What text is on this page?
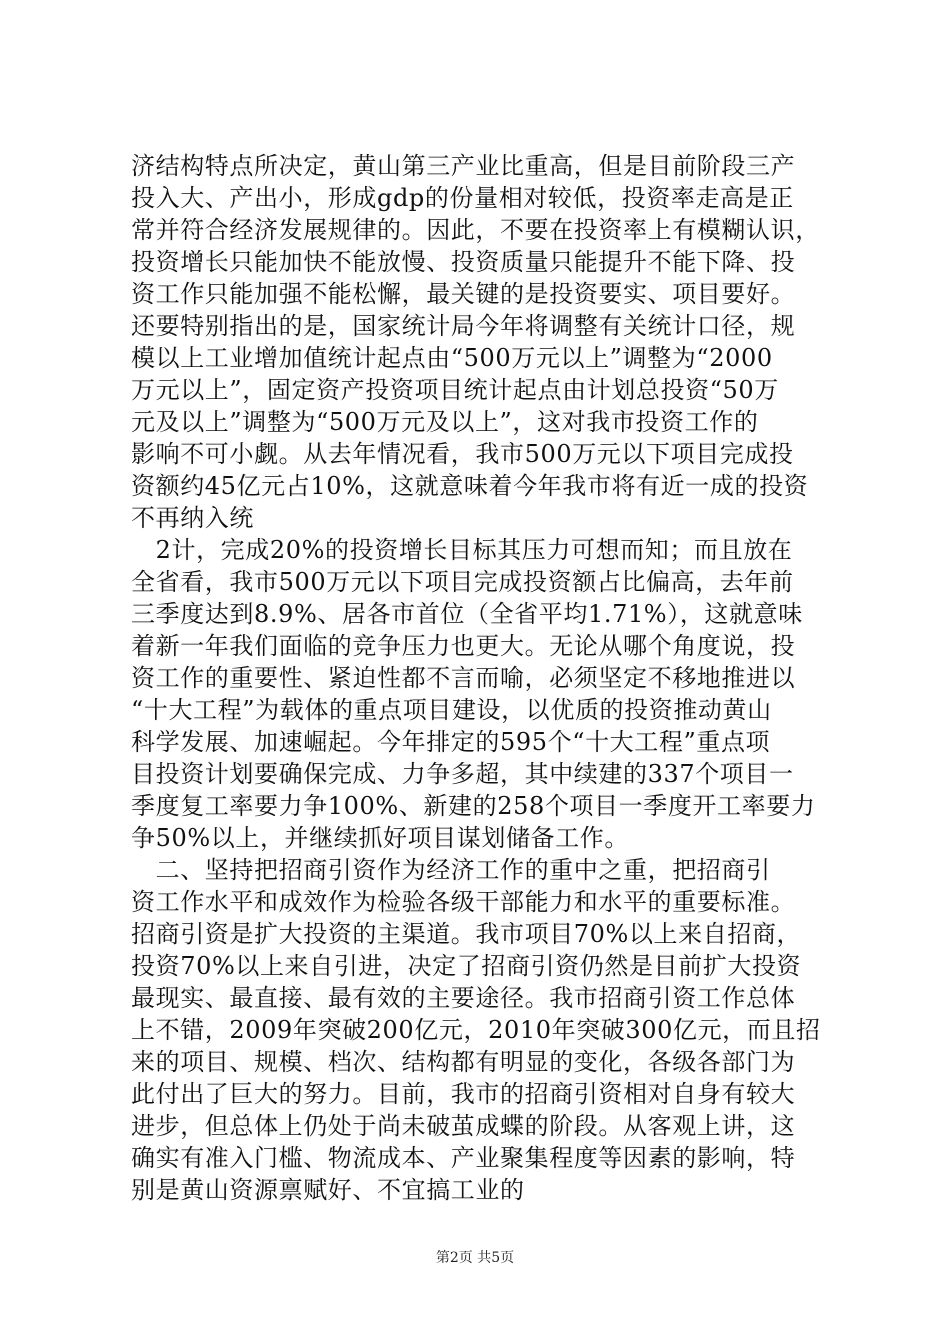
济结构特点所决定，黄山第三产业比重高，但是目前阶段三产
投入大、产出小，形成gdp的份量相对较低，投资率走高是正
常并符合经济发展规律的。因此，不要在投资率上有模糊认识，
投资增长只能加快不能放慢、投资质量只能提升不能下降、投
资工作只能加强不能松懈，最关键的是投资要实、项目要好。
还要特别指出的是，国家统计局今年将调整有关统计口径，规
模以上工业增加值统计起点由“500万元以上”调整为“2000
万元以上”，固定资产投资项目统计起点由计划总投资“50万
元及以上”调整为“500万元及以上”，这对我市投资工作的
影响不可小觑。从去年情况看，我市500万元以下项目完成投
资额约45亿元占10%，这就意味着今年我市将有近一成的投资
不再纳入统
　2计，完成20%的投资增长目标其压力可想而知；而且放在
全省看，我市500万元以下项目完成投资额占比偏高，去年前
三季度达到8.9%、居各市首位（全省平均1.71%），这就意味
着新一年我们面临的竞争压力也更大。无论从哪个角度说，投
资工作的重要性、紧迫性都不言而喻，必须坚定不移地推进以
“十大工程”为载体的重点项目建设，以优质的投资推动黄山
科学发展、加速崛起。今年排定的595个“十大工程”重点项
目投资计划要确保完成、力争多超，其中续建的337个项目一
季度复工率要力争100%、新建的258个项目一季度开工率要力
争50%以上，并继续抓好项目谋划储备工作。
　二、坚持把招商引资作为经济工作的重中之重，把招商引
资工作水平和成效作为检验各级干部能力和水平的重要标准。
招商引资是扩大投资的主渠道。我市项目70%以上来自招商，
投资70%以上来自引进，决定了招商引资仍然是目前扩大投资
最现实、最直接、最有效的主要途径。我市招商引资工作总体
上不错，2009年突破200亿元，2010年突破300亿元，而且招
来的项目、规模、档次、结构都有明显的变化，各级各部门为
此付出了巨大的努力。目前，我市的招商引资相对自身有较大
进步，但总体上仍处于尚未破茧成蝶的阶段。从客观上讲，这
确实有准入门槛、物流成本、产业聚集程度等因素的影响，特
别是黄山资源禀赋好、不宜搞工业的
第2页 共5页
